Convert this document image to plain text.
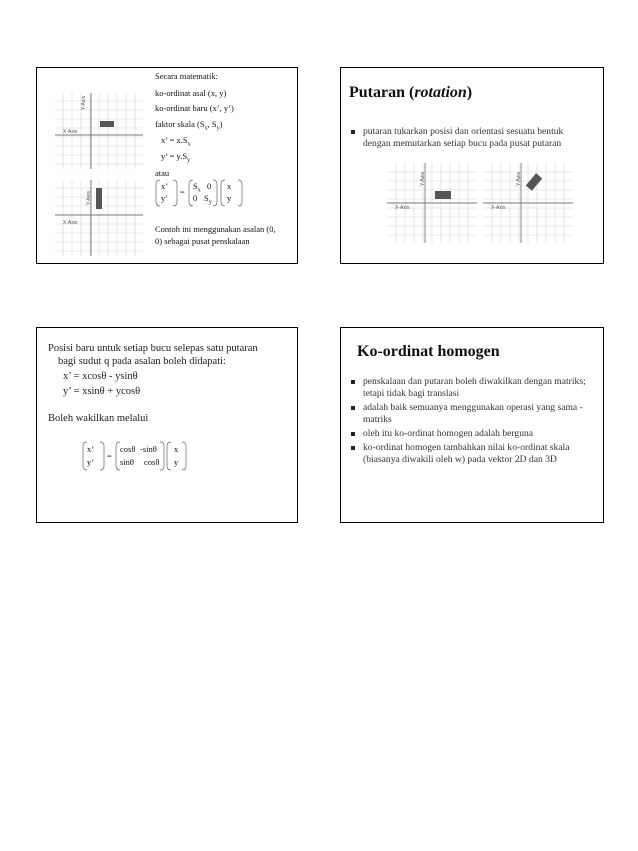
X-Axis
Y-Axis
X-Axis
Y-Axis
Secara matematik:
ko-ordinat asal (x, y)
ko-ordinat baru (x’, y’)
faktor skala ($S_x$, $S_y$)
x’ = $x.S_x$
y’ = $y.S_y$
atau
x’
y’
=
$S_x$ 0
0 $S_y$
x
y
Contoh ini menggunakan asalan (0,
0) sebagai pusat penskalaan
Putaran (rotation)
putaran tukarkan posisi dan orientasi sesuatu bentuk dengan memutarkan setiap bucu pada pusat putaran
X-Axis
Y-Axis
X-Axis
Y-Axis
Posisi baru untuk setiap bucu selepas satu putaran
bagi sudut q pada asalan boleh didapati:
x’ = xcosθ - ysinθ
y’ = xsinθ + ycosθ
Boleh wakilkan melalui
x’
y’
=
cosθ -sinθ
sinθ cosθ
x
y
Ko-ordinat homogen
penskalaan dan putaran boleh diwakilkan dengan matriks; tetapi tidak bagi translasi
adalah baik semuanya menggunakan operasi yang sama - matriks
oleh itu ko-ordinat homogen adalah berguna
ko-ordinat homogen tambahkan nilai ko-ordinat skala (biasanya diwakili oleh w) pada vektor 2D dan 3D
